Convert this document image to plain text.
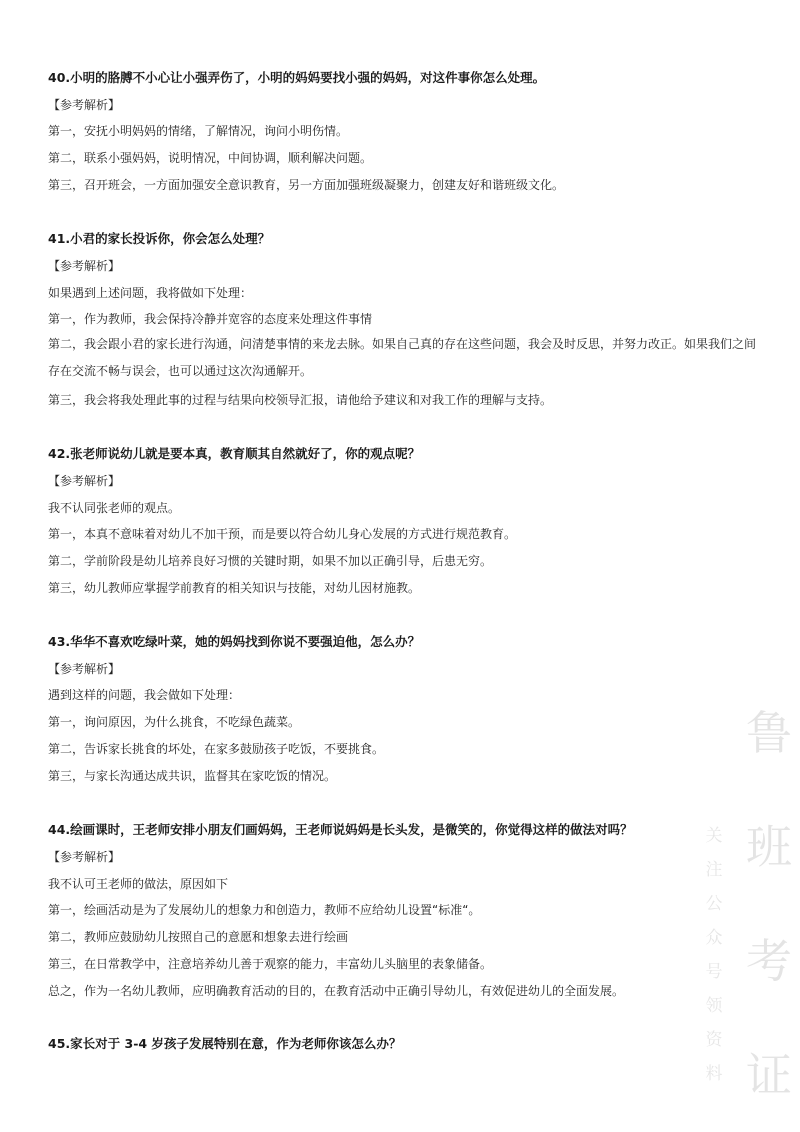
40.小明的胳膊不小心让小强弄伤了，小明的妈妈要找小强的妈妈，对这件事你怎么处理。
【参考解析】
第一，安抚小明妈妈的情绪，了解情况，询问小明伤情。
第二，联系小强妈妈，说明情况，中间协调，顺利解决问题。
第三，召开班会，一方面加强安全意识教育，另一方面加强班级凝聚力，创建友好和谐班级文化。
41.小君的家长投诉你，你会怎么处理？
【参考解析】
如果遇到上述问题，我将做如下处理：
第一，作为教师，我会保持冷静并宽容的态度来处理这件事情
第二，我会跟小君的家长进行沟通，问清楚事情的来龙去脉。如果自己真的存在这些问题，我会及时反思，并努力改正。如果我们之间存在交流不畅与误会，也可以通过这次沟通解开。
第三，我会将我处理此事的过程与结果向校领导汇报，请他给予建议和对我工作的理解与支持。
42.张老师说幼儿就是要本真，教育顺其自然就好了，你的观点呢？
【参考解析】
我不认同张老师的观点。
第一，本真不意味着对幼儿不加干预，而是要以符合幼儿身心发展的方式进行规范教育。
第二，学前阶段是幼儿培养良好习惯的关键时期，如果不加以正确引导，后患无穷。
第三，幼儿教师应掌握学前教育的相关知识与技能，对幼儿因材施教。
43.华华不喜欢吃绿叶菜，她的妈妈找到你说不要强迫他，怎么办？
【参考解析】
遇到这样的问题，我会做如下处理：
第一，询问原因，为什么挑食，不吃绿色蔬菜。
第二，告诉家长挑食的坏处，在家多鼓励孩子吃饭，不要挑食。
第三，与家长沟通达成共识，监督其在家吃饭的情况。
44.绘画课时，王老师安排小朋友们画妈妈，王老师说妈妈是长头发，是微笑的，你觉得这样的做法对吗？
【参考解析】
我不认可王老师的做法，原因如下
第一，绘画活动是为了发展幼儿的想象力和创造力，教师不应给幼儿设置“标准“。
第二，教师应鼓励幼儿按照自己的意愿和想象去进行绘画
第三，在日常教学中，注意培养幼儿善于观察的能力，丰富幼儿头脑里的表象储备。
总之，作为一名幼儿教师，应明确教育活动的目的，在教育活动中正确引导幼儿，有效促进幼儿的全面发展。
45.家长对于 3-4 岁孩子发展特别在意，作为老师你该怎么办？
鲁
班
考
证
关
注
公
众
号
领
资
料
